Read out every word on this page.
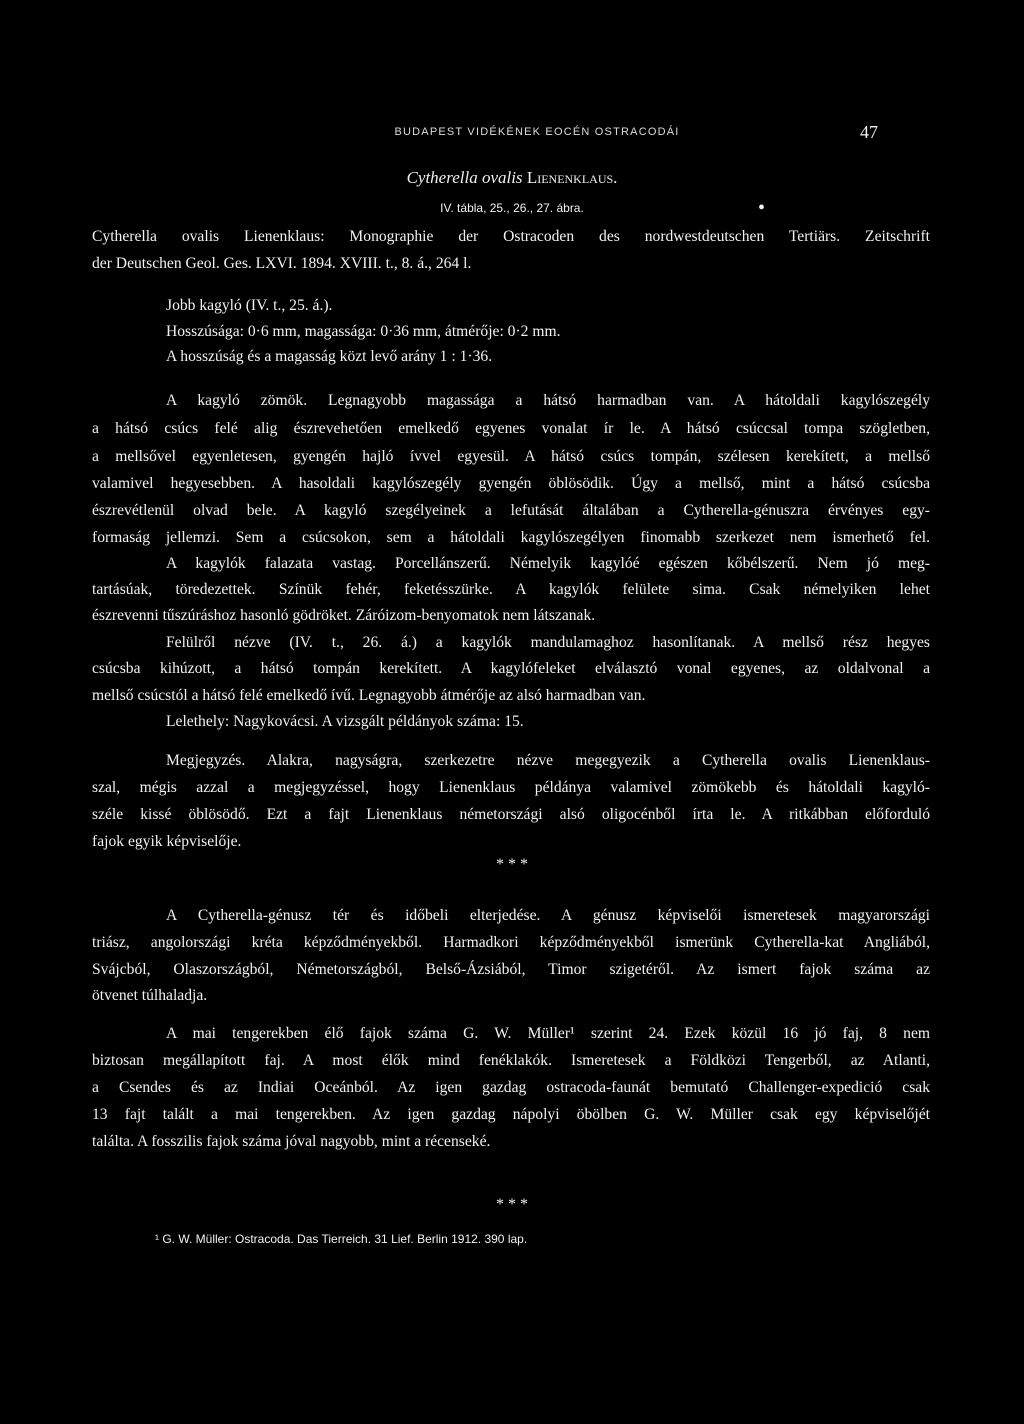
BUDAPEST VIDÉKÉNEK EOCÉN OSTRACODÁI	47
Cytherella ovalis Lienenklaus.
IV. tábla, 25., 26., 27. ábra.	•
Cytherella ovalis Lienenklaus: Monographie der Ostracoden des nordwestdeutschen Tertiärs. Zeitschrift
der Deutschen Geol. Ges. LXVI. 1894. XVIII. t., 8. á., 264 l.
Jobb kagyló (IV. t., 25. á.).
Hosszúsága: 0·6 mm, magassága: 0·36 mm, átmérője: 0·2 mm.
A hosszúság és a magasság közt levő arány 1 : 1·36.
A kagyló zömök. Legnagyobb magassága a hátsó harmadban van. A hátoldali kagylószegély
a hátsó csúcs felé alig észrevehetően emelkedő egyenes vonalat ír le. A hátsó csúccsal tompa szögletben,
a mellsővel egyenletesen, gyengén hajló ívvel egyesül. A hátsó csúcs tompán, szélesen kerekített, a mellső
valamivel hegyesebben. A hasoldali kagylószegély gyengén öblösödik. Úgy a mellső, mint a hátsó csúcsba
észrevétlenül olvad bele. A kagyló szegélyeinek a lefutását általában a Cytherella-génuszra érvényes egy-
formaság jellemzi. Sem a csúcsokon, sem a hátoldali kagylószegélyen finomabb szerkezet nem ismerhető fel.
A kagylók falazata vastag. Porcellánszerű. Némelyik kagylóé egészen kőbélszerű. Nem jó meg-
tartásúak, töredezettek. Színük fehér, feketésszürke. A kagylók felülete sima. Csak némelyiken lehet
észrevenni tűszúráshoz hasonló gödröket. Záróizom-benyomatok nem látszanak.
Felülről nézve (IV. t., 26. á.) a kagylók mandulamaghoz hasonlítanak. A mellső rész hegyes
csúcsba kihúzott, a hátsó tompán kerekített. A kagylófeleket elválasztó vonal egyenes, az oldalvonal a
mellső csúcstól a hátsó felé emelkedő ívű. Legnagyobb átmérője az alsó harmadban van.
Lelethely: Nagykovácsi. A vizsgált példányok száma: 15.
Megjegyzés. Alakra, nagyságra, szerkezetre nézve megegyezik a Cytherella ovalis Lienenklaus-
szal, mégis azzal a megjegyzéssel, hogy Lienenklaus példánya valamivel zömökebb és hátoldali kagyló-
széle kissé öblösödő. Ezt a fajt Lienenklaus németországi alsó oligocénből írta le. A ritkábban előforduló
fajok egyik képviselője.
* * *
A Cytherella-génusz tér és időbeli elterjedése. A génusz képviselői ismeretesek magyarországi
triász, angolországi kréta képződményekből. Harmadkori képződményekből ismerünk Cytherella-kat Angliából,
Svájcból, Olaszországból, Németországból, Belső-Ázsiából, Timor szigetéről. Az ismert fajok száma az
ötvenet túlhaladja.
A mai tengerekben élő fajok száma G. W. Müller¹ szerint 24. Ezek közül 16 jó faj, 8 nem
biztosan megállapított faj. A most élők mind fenéklakók. Ismeretesek a Földközi Tengerből, az Atlanti,
a Csendes és az Indiai Oceánból. Az igen gazdag ostracoda-faunát bemutató Challenger-expedició csak
13 fajt talált a mai tengerekben. Az igen gazdag nápolyi öbölben G. W. Müller csak egy képviselőjét
találta. A fosszilis fajok száma jóval nagyobb, mint a récenseké.
* * *
¹ G. W. Müller: Ostracoda. Das Tierreich. 31 Lief. Berlin 1912. 390 lap.
